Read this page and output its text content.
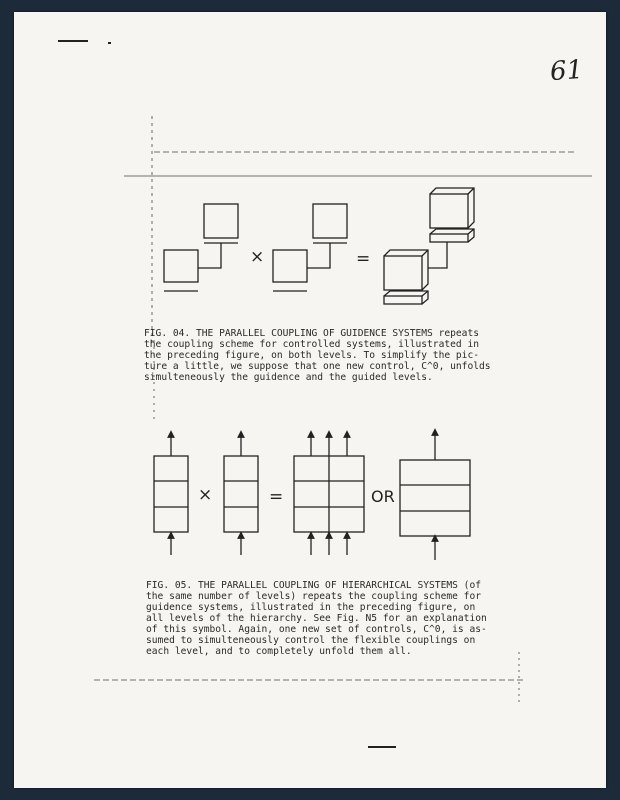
61
×	=
×	=	OR

FIG. 04. THE PARALLEL COUPLING OF GUIDENCE SYSTEMS repeats

the coupling scheme for controlled systems, illustrated in

the preceding figure, on both levels. To simplify the pic-

ture a little, we suppose that one new control, C^0, unfolds

simulteneously the guidence and the guided levels.

FIG. 05. THE PARALLEL COUPLING OF HIERARCHICAL SYSTEMS (of

the same number of levels) repeats the coupling scheme for

guidence systems, illustrated in the preceding figure, on

all levels of the hierarchy. See Fig. N5 for an explanation

of this symbol. Again, one new set of controls, C^0, is as-

sumed to simulteneously control the flexible couplings on

each level, and to completely unfold them all.
